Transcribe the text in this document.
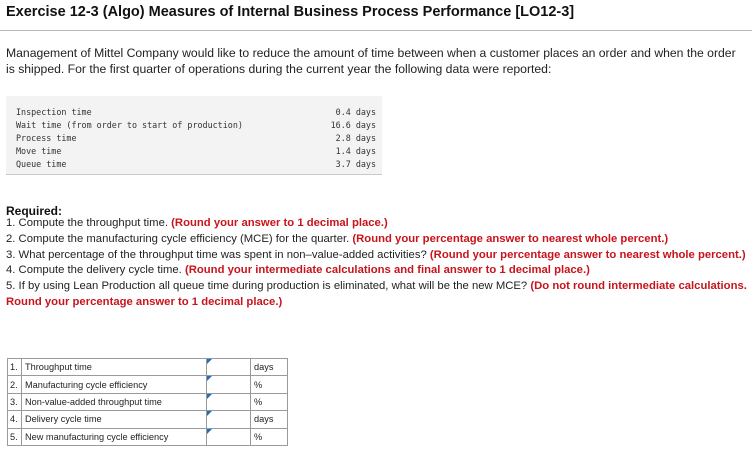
Exercise 12-3 (Algo) Measures of Internal Business Process Performance [LO12-3]
Management of Mittel Company would like to reduce the amount of time between when a customer places an order and when the order is shipped. For the first quarter of operations during the current year the following data were reported:
Inspection time	0.4 days
Wait time (from order to start of production)	16.6 days
Process time	2.8 days
Move time	1.4 days
Queue time	3.7 days
Required:
1. Compute the throughput time. (Round your answer to 1 decimal place.)
2. Compute the manufacturing cycle efficiency (MCE) for the quarter. (Round your percentage answer to nearest whole percent.)
3. What percentage of the throughput time was spent in non–value-added activities? (Round your percentage answer to nearest whole percent.)
4. Compute the delivery cycle time. (Round your intermediate calculations and final answer to 1 decimal place.)
5. If by using Lean Production all queue time during production is eliminated, what will be the new MCE? (Do not round intermediate calculations. Round your percentage answer to 1 decimal place.)
1.	Throughput time		days
2.	Manufacturing cycle efficiency		%
3.	Non-value-added throughput time		%
4.	Delivery cycle time		days
5.	New manufacturing cycle efficiency		%
